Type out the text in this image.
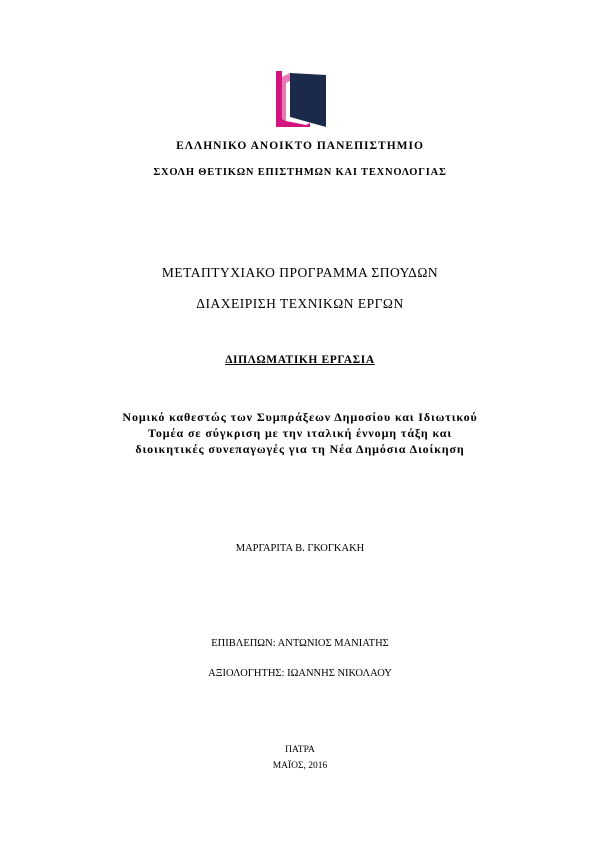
ΕΛΛΗΝΙΚΟ ΑΝΟΙΚΤΟ ΠΑΝΕΠΙΣΤΗΜΙΟ
ΣΧΟΛΗ ΘΕΤΙΚΩΝ ΕΠΙΣΤΗΜΩΝ ΚΑΙ ΤΕΧΝΟΛΟΓΙΑΣ
ΜΕΤΑΠΤΥΧΙΑΚΟ ΠΡΟΓΡΑΜΜΑ ΣΠΟΥΔΩΝ
ΔΙΑΧΕΙΡΙΣΗ ΤΕΧΝΙΚΩΝ ΕΡΓΩΝ
ΔΙΠΛΩΜΑΤΙΚΗ ΕΡΓΑΣΙΑ
Νομικό καθεστώς των Συμπράξεων Δημοσίου και Ιδιωτικού
Τομέα σε σύγκριση με την ιταλική έννομη τάξη και
διοικητικές συνεπαγωγές για τη Νέα Δημόσια Διοίκηση
ΜΑΡΓΑΡΙΤΑ Β. ΓΚΟΓΚΑΚΗ
ΕΠΙΒΛΕΠΩΝ: ΑΝΤΩΝΙΟΣ ΜΑΝΙΑΤΗΣ
ΑΞΙΟΛΟΓΗΤΗΣ: ΙΩΑΝΝΗΣ ΝΙΚΟΛΑΟΥ
ΠΑΤΡΑ
ΜΑΪΟΣ, 2016
